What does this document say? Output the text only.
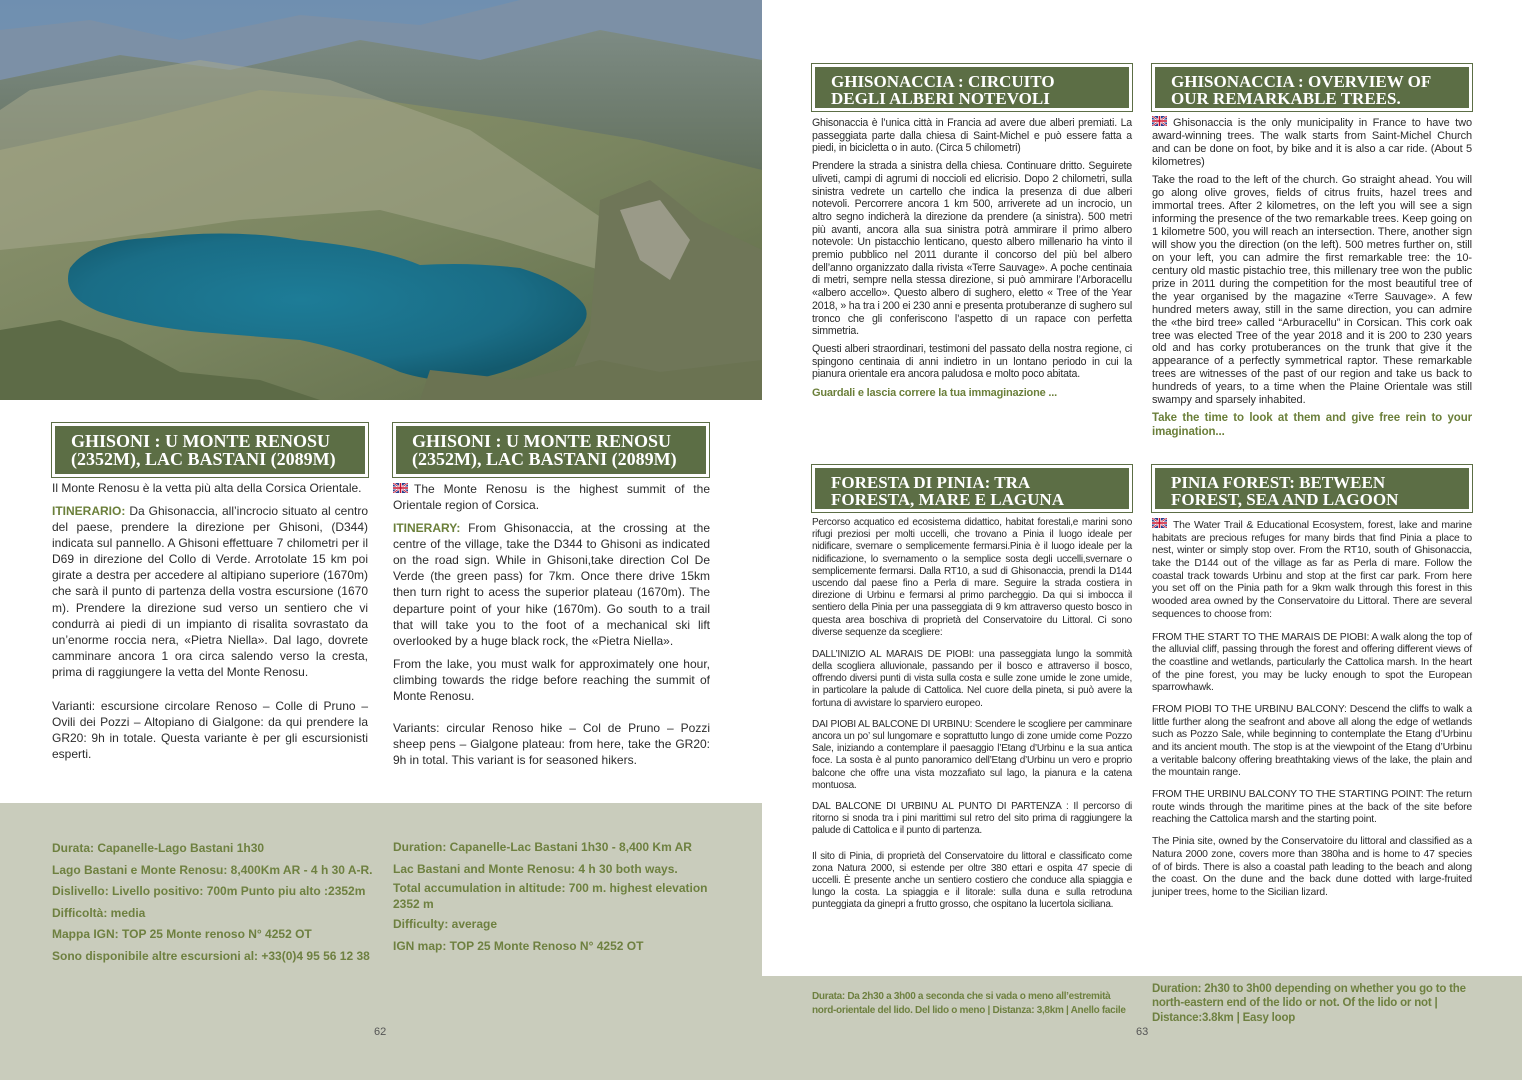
GHISONI : U MONTE RENOSU
(2352M), LAC BASTANI (2089M)
GHISONI : U MONTE RENOSU
(2352M), LAC BASTANI (2089M)

Il Monte Renosu è la vetta più alta della Corsica Orientale.

ITINERARIO: Da Ghisonaccia, all’incrocio situato al centro del paese, prendere la direzione per Ghisoni, (D344) indicata sul pannello. A Ghisoni effettuare 7 chilometri per il D69 in direzione del Collo di Verde. Arrotolate 15 km poi girate a destra per accedere al altipiano superiore (1670m) che sarà il punto di partenza della vostra escursione (1670 m). Prendere la direzione sud verso un sentiero che vi condurrà ai piedi di un impianto di risalita sovrastato da un’enorme roccia nera, «Pietra Niella». Dal lago, dovrete camminare ancora 1 ora circa salendo verso la cresta, prima di raggiungere la vetta del Monte Renosu.

Varianti: escursione circolare Renoso – Colle di Pruno – Ovili dei Pozzi – Altopiano di Gialgone: da qui prendere la GR20: 9h in totale. Questa variante è per gli escursionisti esperti.

The Monte Renosu is the highest summit of the Orientale region of Corsica.

ITINERARY: From Ghisonaccia, at the crossing at the centre of the village, take the D344 to Ghisoni as indicated on the road sign. While in Ghisoni,take direction Col De Verde (the green pass) for 7km. Once there drive 15km then turn right to acess the superior plateau (1670m). The departure point of your hike (1670m). Go south to a trail that will take you to the foot of a mechanical ski lift overlooked by a huge black rock, the «Pietra Niella».

From the lake, you must walk for approximately one hour, climbing towards the ridge before reaching the summit of Monte Renosu.

Variants: circular Renoso hike – Col de Pruno – Pozzi sheep pens – Gialgone plateau: from here, take the GR20: 9h in total. This variant is for seasoned hikers.

Durata: Capanelle-Lago Bastani 1h30
Lago Bastani e Monte Renosu: 8,400Km AR - 4 h 30 A-R.
Dislivello: Livello positivo: 700m Punto piu alto :2352m
Difficoltà: media
Mappa IGN: TOP 25 Monte renoso N° 4252 OT
Sono disponibile altre escursioni al: +33(0)4 95 56 12 38
Duration: Capanelle-Lac Bastani 1h30 - 8,400 Km AR
Lac Bastani and Monte Renosu: 4 h 30 both ways.
Total accumulation in altitude: 700 m. highest elevation 2352 m
Difficulty: average
IGN map: TOP 25 Monte Renoso N° 4252 OT
62
GHISONACCIA : CIRCUITO
DEGLI ALBERI NOTEVOLI
GHISONACCIA : OVERVIEW OF
OUR REMARKABLE TREES.

Ghisonaccia è l’unica città in Francia ad avere due alberi premiati. La passeggiata parte dalla chiesa di Saint-Michel e può essere fatta a piedi, in bicicletta o in auto. (Circa 5 chilometri)

Prendere la strada a sinistra della chiesa. Continuare dritto. Seguirete uliveti, campi di agrumi di noccioli ed elicrisio. Dopo 2 chilometri, sulla sinistra vedrete un cartello che indica la presenza di due alberi notevoli. Percorrere ancora 1 km 500, arriverete ad un incrocio, un altro segno indicherà la direzione da prendere (a sinistra). 500 metri più avanti, ancora alla sua sinistra potrà ammirare il primo albero notevole: Un pistacchio lenticano, questo albero millenario ha vinto il premio pubblico nel 2011 durante il concorso del più bel albero dell’anno organizzato dalla rivista «Terre Sauvage». A poche centinaia di metri, sempre nella stessa direzione, si può ammirare l’Arboracellu «albero accello». Questo albero di sughero, eletto « Tree of the Year 2018, » ha tra i 200 ei 230 anni e presenta protuberanze di sughero sul tronco che gli conferiscono l’aspetto di un rapace con perfetta simmetria.

Questi alberi straordinari, testimoni del passato della nostra regione, ci spingono centinaia di anni indietro in un lontano periodo in cui la pianura orientale era ancora paludosa e molto poco abitata.

Guardali e lascia correre la tua immaginazione ...

Ghisonaccia is the only municipality in France to have two award-winning trees. The walk starts from Saint-Michel Church and can be done on foot, by bike and it is also a car ride. (About 5 kilometres)

Take the road to the left of the church. Go straight ahead. You will go along olive groves, fields of citrus fruits, hazel trees and immortal trees. After 2 kilometres, on the left you will see a sign informing the presence of the two remarkable trees. Keep going on 1 kilometre 500, you will reach an intersection. There, another sign will show you the direction (on the left). 500 metres further on, still on your left, you can admire the first remarkable tree: the 10-century old mastic pistachio tree, this millenary tree won the public prize in 2011 during the competition for the most beautiful tree of the year organised by the magazine «Terre Sauvage». A few hundred meters away, still in the same direction, you can admire the «the bird tree» called “Arburacellu” in Corsican. This cork oak tree was elected Tree of the year 2018 and it is 200 to 230 years old and has corky protuberances on the trunk that give it the appearance of a perfectly symmetrical raptor. These remarkable trees are witnesses of the past of our region and take us back to hundreds of years, to a time when the Plaine Orientale was still swampy and sparsely inhabited.

Take the time to look at them and give free rein to your imagination...

FORESTA DI PINIA: TRA
FORESTA, MARE E LAGUNA
PINIA FOREST: BETWEEN
FOREST, SEA AND LAGOON

Percorso acquatico ed ecosistema didattico, habitat forestali,e marini sono rifugi preziosi per molti uccelli, che trovano a Pinia il luogo ideale per nidificare, svernare o semplicemente fermarsi.Pinia è il luogo ideale per la nidificazione, lo svernamento o la semplice sosta degli uccelli,svernare o semplicemente fermarsi. Dalla RT10, a sud di Ghisonaccia, prendi la D144 uscendo dal paese fino a Perla di mare. Seguire la strada costiera in direzione di Urbinu e fermarsi al primo parcheggio. Da qui si imbocca il sentiero della Pinia per una passeggiata di 9 km attraverso questo bosco in questa area boschiva di proprietà del Conservatoire du Littoral. Ci sono diverse sequenze da scegliere:

DALL’INIZIO AL MARAIS DE PIOBI: una passeggiata lungo la sommità della scogliera alluvionale, passando per il bosco e attraverso il bosco, offrendo diversi punti di vista sulla costa e sulle zone umide le zone umide, in particolare la palude di Cattolica. Nel cuore della pineta, si può avere la fortuna di avvistare lo sparviero europeo.

DAI PIOBI AL BALCONE DI URBINU: Scendere le scogliere per camminare ancora un po’ sul lungomare e soprattutto lungo di zone umide come Pozzo Sale, iniziando a contemplare il paesaggio l’Etang d’Urbinu e la sua antica foce. La sosta è al punto panoramico dell’Etang d’Urbinu un vero e proprio balcone che offre una vista mozzafiato sul lago, la pianura e la catena montuosa.

DAL BALCONE DI URBINU AL PUNTO DI PARTENZA : Il percorso di ritorno si snoda tra i pini marittimi sul retro del sito prima di raggiungere la palude di Cattolica e il punto di partenza.

Il sito di Pinia, di proprietà del Conservatoire du littoral e classificato come zona Natura 2000, si estende per oltre 380 ettari e ospita 47 specie di uccelli. È presente anche un sentiero costiero che conduce alla spiaggia e lungo la costa. La spiaggia e il litorale: sulla duna e sulla retroduna punteggiata da ginepri a frutto grosso, che ospitano la lucertola siciliana.

The Water Trail & Educational Ecosystem, forest, lake and marine habitats are precious refuges for many birds that find Pinia a place to nest, winter or simply stop over. From the RT10, south of Ghisonaccia, take the D144 out of the village as far as Perla di mare. Follow the coastal track towards Urbinu and stop at the first car park. From here you set off on the Pinia path for a 9km walk through this forest in this wooded area owned by the Conservatoire du Littoral. There are several sequences to choose from:

FROM THE START TO THE MARAIS DE PIOBI: A walk along the top of the alluvial cliff, passing through the forest and offering different views of the coastline and wetlands, particularly the Cattolica marsh. In the heart of the pine forest, you may be lucky enough to spot the European sparrowhawk.

FROM PIOBI TO THE URBINU BALCONY: Descend the cliffs to walk a little further along the seafront and above all along the edge of wetlands such as Pozzo Sale, while beginning to contemplate the Etang d’Urbinu and its ancient mouth. The stop is at the viewpoint of the Etang d’Urbinu a veritable balcony offering breathtaking views of the lake, the plain and the mountain range.

FROM THE URBINU BALCONY TO THE STARTING POINT: The return route winds through the maritime pines at the back of the site before reaching the Cattolica marsh and the starting point.

The Pinia site, owned by the Conservatoire du littoral and classified as a Natura 2000 zone, covers more than 380ha and is home to 47 species of of birds. There is also a coastal path leading to the beach and along the coast. On the dune and the back dune dotted with large-fruited juniper trees, home to the Sicilian lizard.

Durata: Da 2h30 a 3h00 a seconda che si vada o meno all’estremità nord-orientale del lido. Del lido o meno | Distanza: 3,8km | Anello facile
Duration: 2h30 to 3h00 depending on whether you go to the north-eastern end of the lido or not. Of the lido or not | Distance:3.8km | Easy loop
63
